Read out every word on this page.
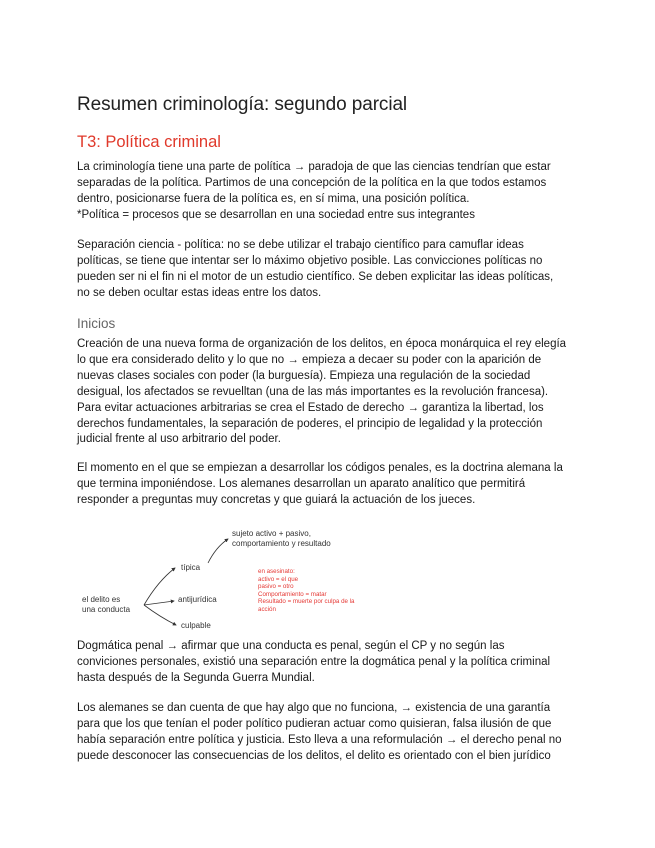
Resumen criminología: segundo parcial
T3: Política criminal

La criminología tiene una parte de política → paradoja de que las ciencias tendrían que estar
separadas de la política. Partimos de una concepción de la política en la que todos estamos
dentro, posicionarse fuera de la política es, en sí mima, una posición política.
*Política = procesos que se desarrollan en una sociedad entre sus integrantes

Separación ciencia - política: no se debe utilizar el trabajo científico para camuflar ideas
políticas, se tiene que intentar ser lo máximo objetivo posible. Las convicciones políticas no
pueden ser ni el fin ni el motor de un estudio científico. Se deben explicitar las ideas políticas,
no se deben ocultar estas ideas entre los datos.

Inicios

Creación de una nueva forma de organización de los delitos, en época monárquica el rey elegía
lo que era considerado delito y lo que no → empieza a decaer su poder con la aparición de
nuevas clases sociales con poder (la burguesía). Empieza una regulación de la sociedad
desigual, los afectados se revuelltan (una de las más importantes es la revolución francesa).
Para evitar actuaciones arbitrarias se crea el Estado de derecho → garantiza la libertad, los
derechos fundamentales, la separación de poderes, el principio de legalidad y la protección
judicial frente al uso arbitrario del poder.

El momento en el que se empiezan a desarrollar los códigos penales, es la doctrina alemana la
que termina imponiéndose. Los alemanes desarrollan un aparato analítico que permitirá
responder a preguntas muy concretas y que guiará la actuación de los jueces.

el delito es
una conducta
típica
antijurídica
culpable
sujeto activo + pasivo,
comportamiento y resultado
en asesinato:
activo = el que
pasivo = otro
Comportamiento = matar
Resultado = muerte por culpa de la
acción

Dogmática penal → afirmar que una conducta es penal, según el CP y no según las
conviciones personales, existió una separación entre la dogmática penal y la política criminal
hasta después de la Segunda Guerra Mundial.

Los alemanes se dan cuenta de que hay algo que no funciona, → existencia de una garantía
para que los que tenían el poder político pudieran actuar como quisieran, falsa ilusión de que
había separación entre política y justicia. Esto lleva a una reformulación → el derecho penal no
puede desconocer las consecuencias de los delitos, el delito es orientado con el bien jurídico
